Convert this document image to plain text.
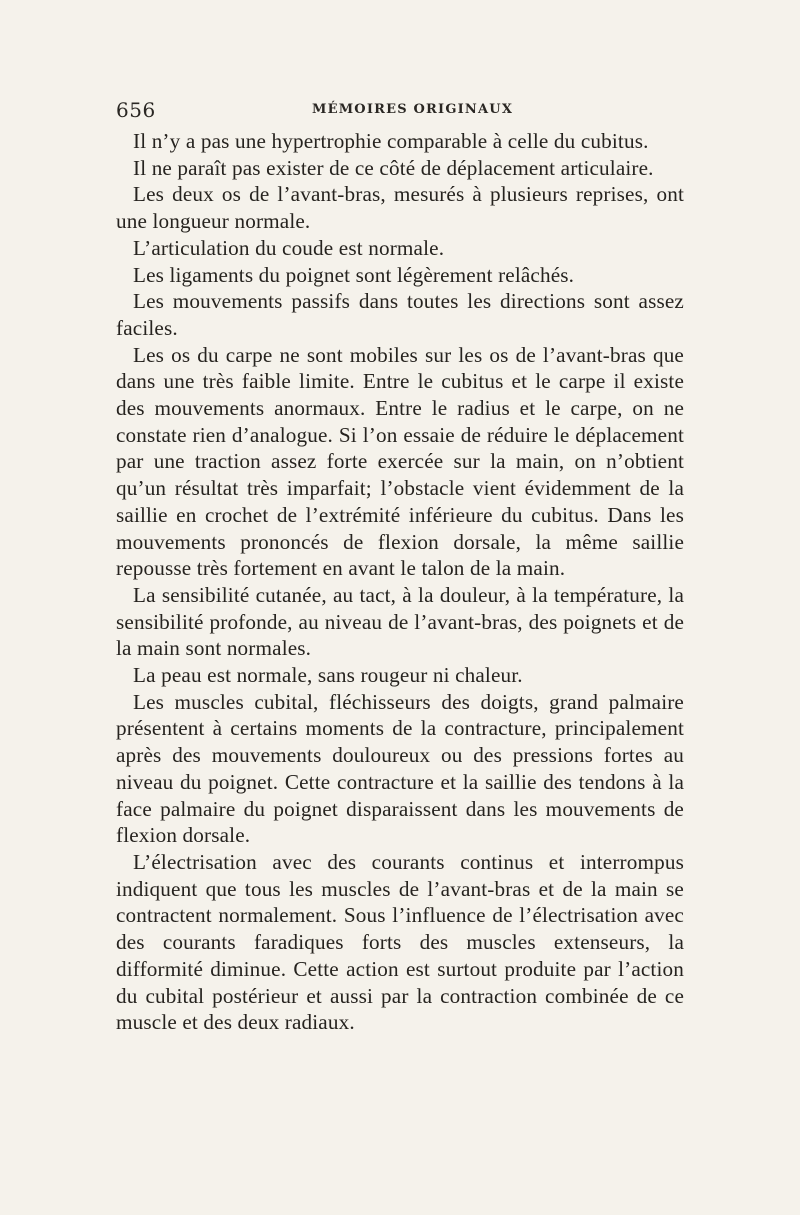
656	MÉMOIRES ORIGINAUX

Il n’y a pas une hypertrophie comparable à celle du cubitus.

Il ne paraît pas exister de ce côté de déplacement articulaire.

Les deux os de l’avant-bras, mesurés à plusieurs reprises, ont une longueur normale.

L’articulation du coude est normale.

Les ligaments du poignet sont légèrement relâchés.

Les mouvements passifs dans toutes les directions sont assez faciles.

Les os du carpe ne sont mobiles sur les os de l’avant-bras que dans une très faible limite. Entre le cubitus et le carpe il existe des mouvements anormaux. Entre le radius et le carpe, on ne constate rien d’analogue. Si l’on essaie de réduire le déplacement par une traction assez forte exercée sur la main, on n’obtient qu’un résultat très imparfait; l’obstacle vient évidemment de la saillie en crochet de l’extrémité inférieure du cubitus. Dans les mouvements prononcés de flexion dorsale, la même saillie repousse très fortement en avant le talon de la main.

La sensibilité cutanée, au tact, à la douleur, à la température, la sensibilité profonde, au niveau de l’avant-bras, des poignets et de la main sont normales.

La peau est normale, sans rougeur ni chaleur.

Les muscles cubital, fléchisseurs des doigts, grand palmaire présentent à certains moments de la contracture, principalement après des mouvements douloureux ou des pressions fortes au niveau du poignet. Cette contracture et la saillie des tendons à la face palmaire du poignet disparaissent dans les mouvements de flexion dorsale.

L’électrisation avec des courants continus et interrompus indiquent que tous les muscles de l’avant-bras et de la main se contractent normalement. Sous l’influence de l’électrisation avec des courants faradiques forts des muscles extenseurs, la difformité diminue. Cette action est surtout produite par l’action du cubital postérieur et aussi par la contraction combinée de ce muscle et des deux radiaux.
